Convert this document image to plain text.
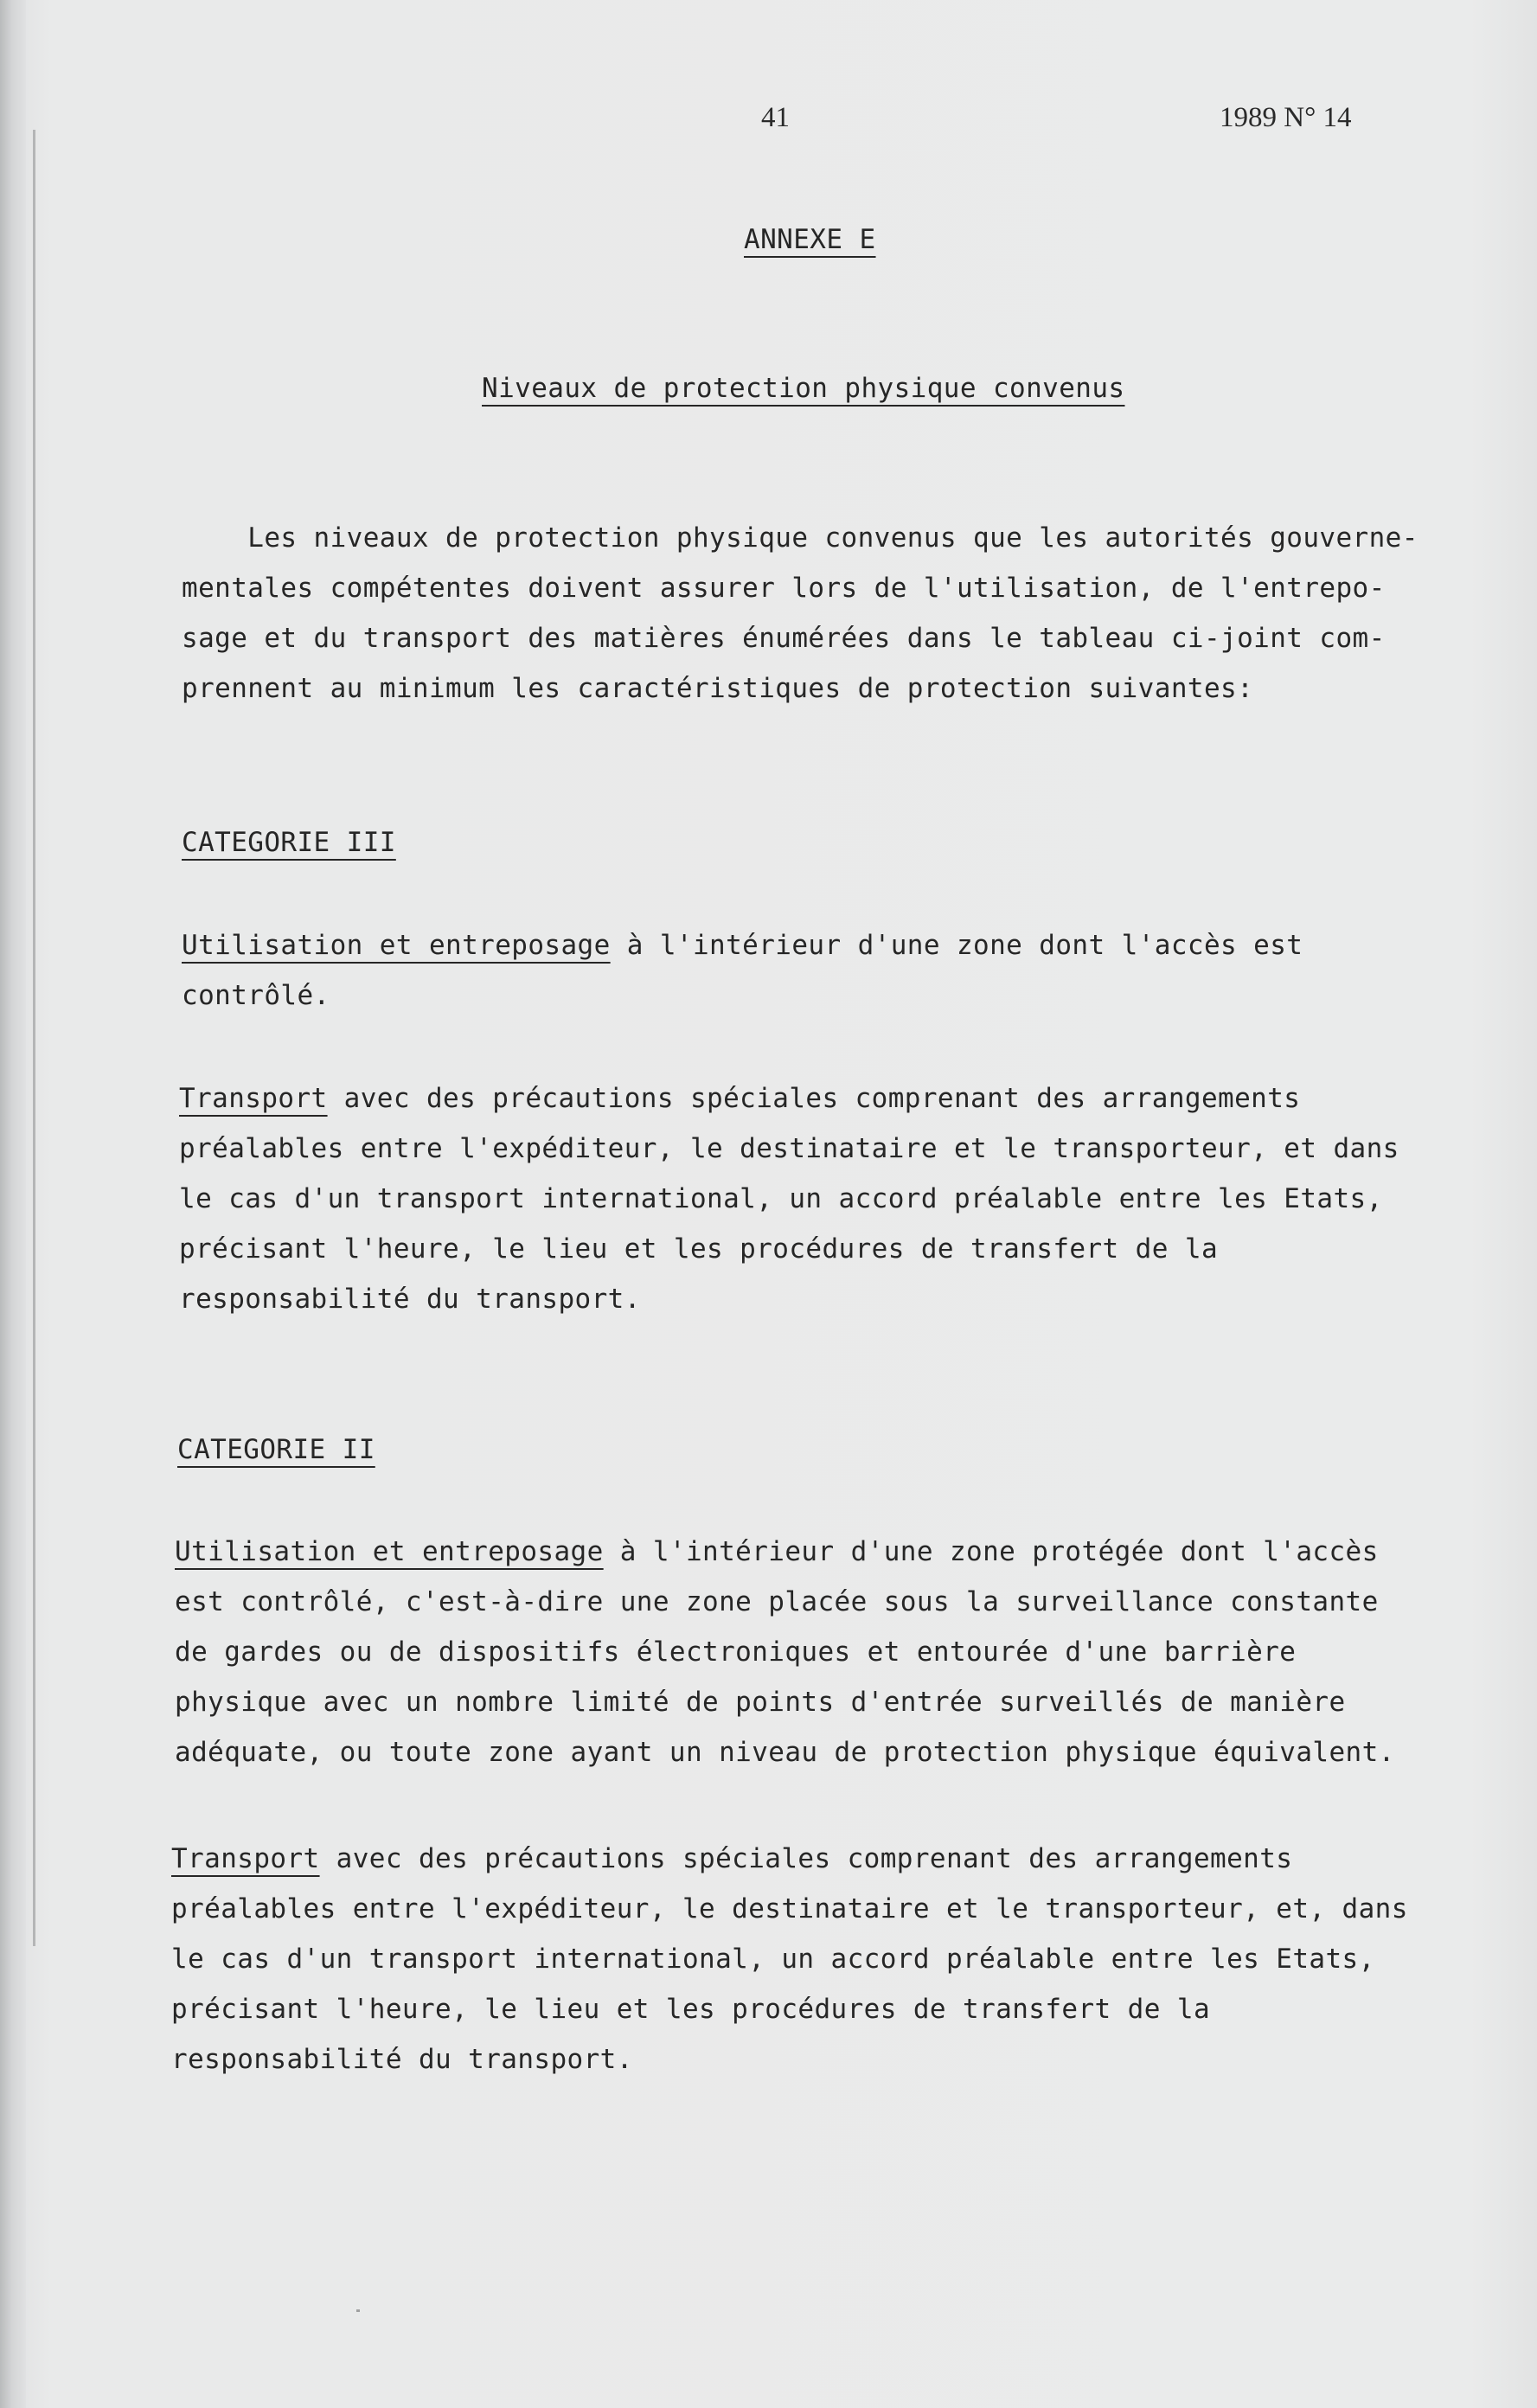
41	1989 N° 14
ANNEXE E
Niveaux de protection physique convenus
Les niveaux de protection physique convenus que les autorités gouverne-
mentales compétentes doivent assurer lors de l'utilisation, de l'entrepo-
sage et du transport des matières énumérées dans le tableau ci-joint com-
prennent au minimum les caractéristiques de protection suivantes:
CATEGORIE III
Utilisation et entreposage à l'intérieur d'une zone dont l'accès est
contrôlé.
Transport avec des précautions spéciales comprenant des arrangements
préalables entre l'expéditeur, le destinataire et le transporteur, et dans
le cas d'un transport international, un accord préalable entre les Etats,
précisant l'heure, le lieu et les procédures de transfert de la
responsabilité du transport.
CATEGORIE II
Utilisation et entreposage à l'intérieur d'une zone protégée dont l'accès
est contrôlé, c'est-à-dire une zone placée sous la surveillance constante
de gardes ou de dispositifs électroniques et entourée d'une barrière
physique avec un nombre limité de points d'entrée surveillés de manière
adéquate, ou toute zone ayant un niveau de protection physique équivalent.
Transport avec des précautions spéciales comprenant des arrangements
préalables entre l'expéditeur, le destinataire et le transporteur, et, dans
le cas d'un transport international, un accord préalable entre les Etats,
précisant l'heure, le lieu et les procédures de transfert de la
responsabilité du transport.
